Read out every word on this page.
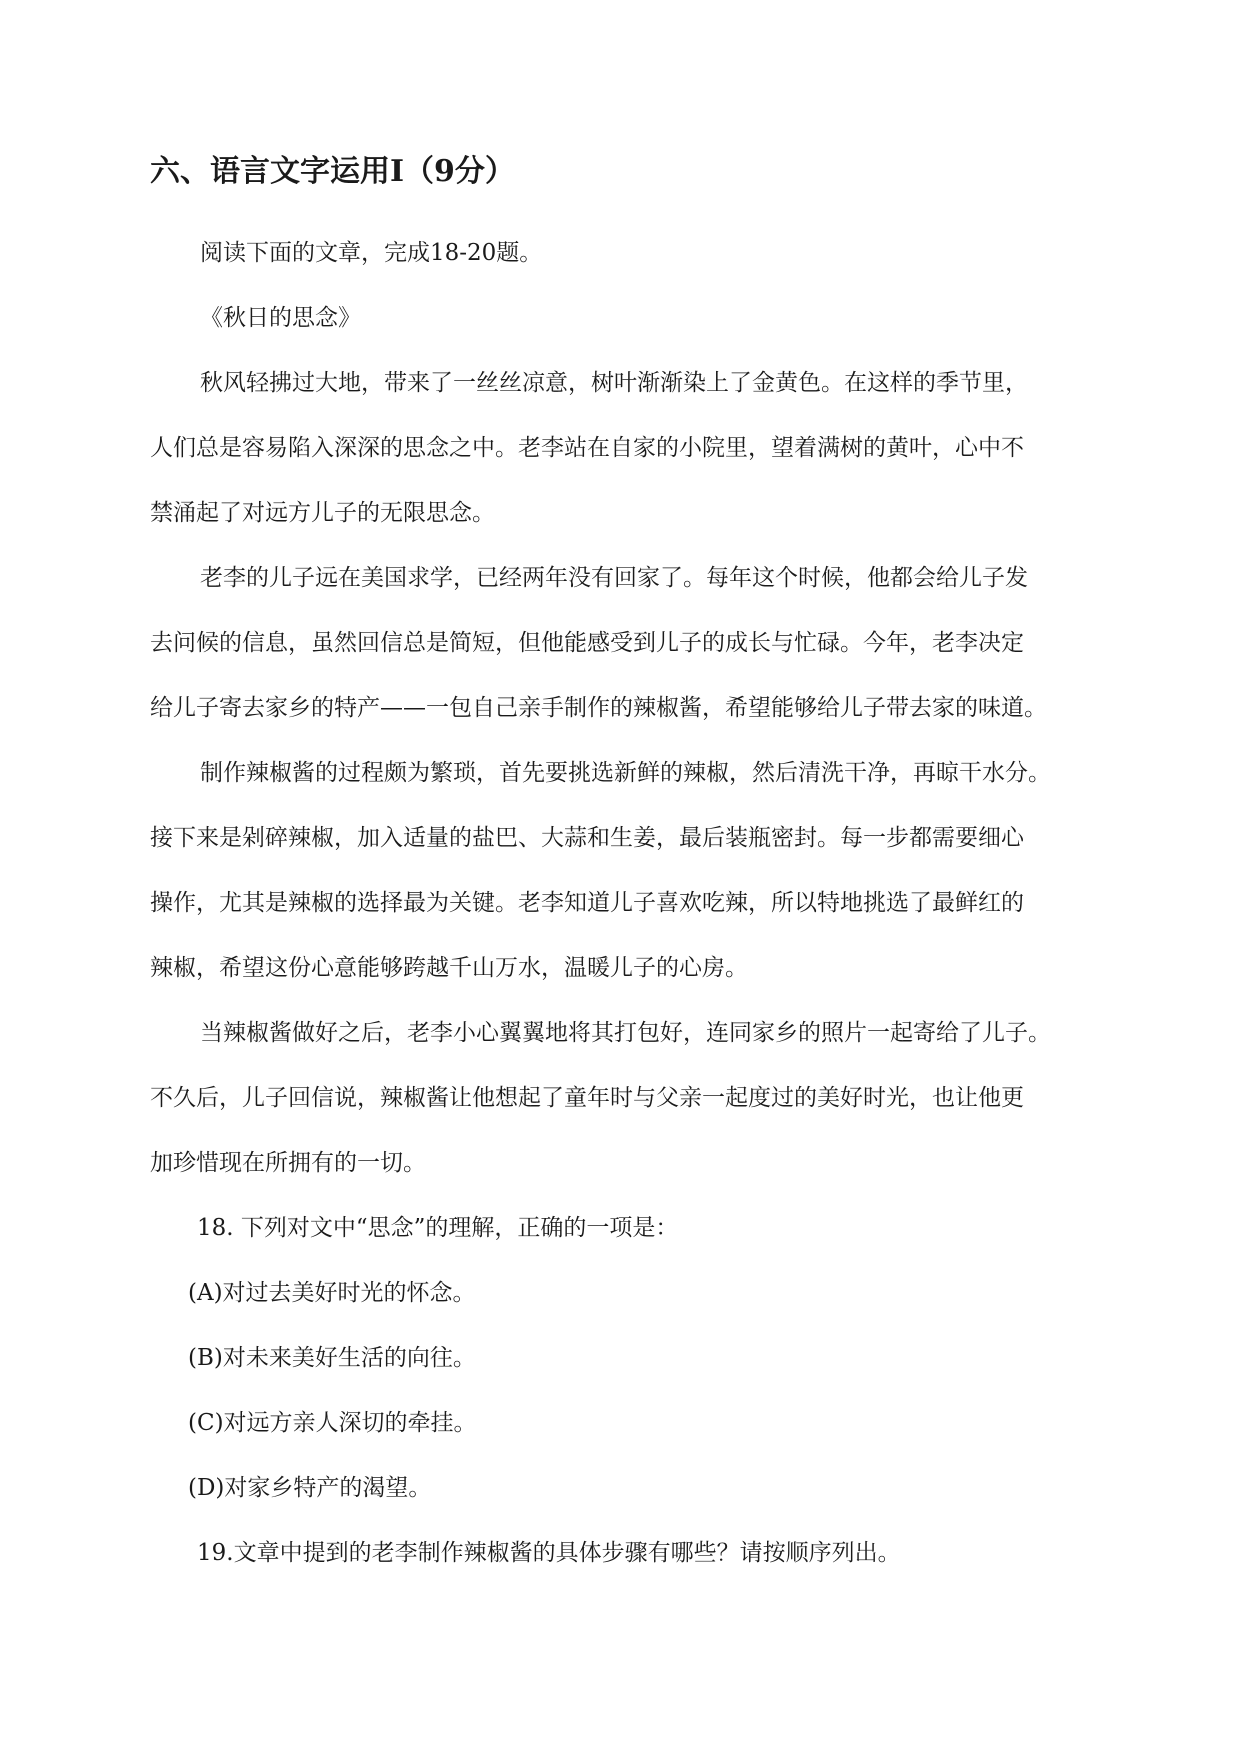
六、语言文字运用Ⅰ（9分）

阅读下面的文章，完成18-20题。

《秋日的思念》

秋风轻拂过大地，带来了一丝丝凉意，树叶渐渐染上了金黄色。在这样的季节里，

人们总是容易陷入深深的思念之中。老李站在自家的小院里，望着满树的黄叶，心中不

禁涌起了对远方儿子的无限思念。

老李的儿子远在美国求学，已经两年没有回家了。每年这个时候，他都会给儿子发

去问候的信息，虽然回信总是简短，但他能感受到儿子的成长与忙碌。今年，老李决定

给儿子寄去家乡的特产——一包自己亲手制作的辣椒酱，希望能够给儿子带去家的味道。

制作辣椒酱的过程颇为繁琐，首先要挑选新鲜的辣椒，然后清洗干净，再晾干水分。

接下来是剁碎辣椒，加入适量的盐巴、大蒜和生姜，最后装瓶密封。每一步都需要细心

操作，尤其是辣椒的选择最为关键。老李知道儿子喜欢吃辣，所以特地挑选了最鲜红的

辣椒，希望这份心意能够跨越千山万水，温暖儿子的心房。

当辣椒酱做好之后，老李小心翼翼地将其打包好，连同家乡的照片一起寄给了儿子。

不久后，儿子回信说，辣椒酱让他想起了童年时与父亲一起度过的美好时光，也让他更

加珍惜现在所拥有的一切。

18. 下列对文中“思念”的理解，正确的一项是：

(A)对过去美好时光的怀念。

(B)对未来美好生活的向往。

(C)对远方亲人深切的牵挂。

(D)对家乡特产的渴望。

19.文章中提到的老李制作辣椒酱的具体步骤有哪些？请按顺序列出。
